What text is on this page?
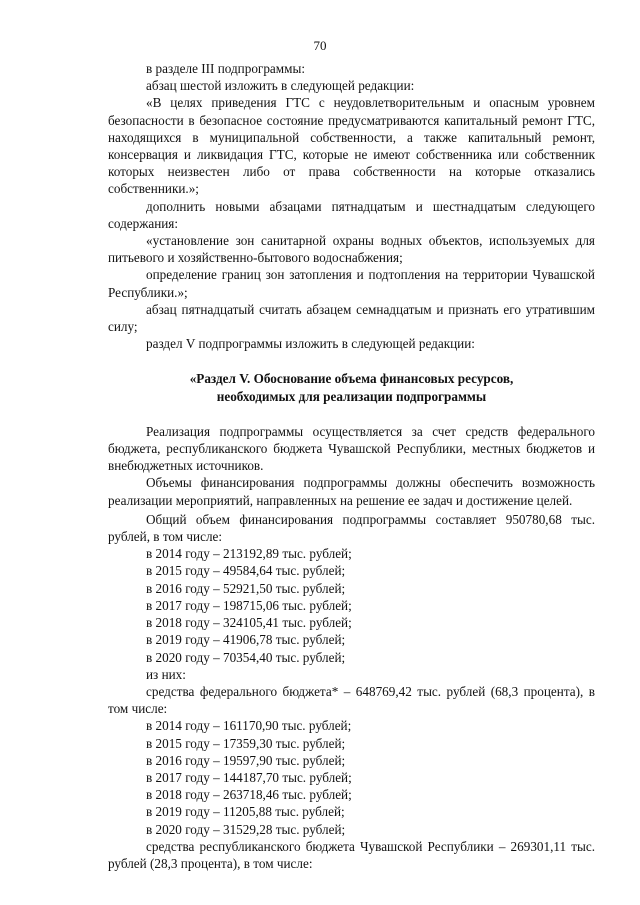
70

в разделе III подпрограммы:

абзац шестой изложить в следующей редакции:

«В целях приведения ГТС с неудовлетворительным и опасным уровнем безопасности в безопасное состояние предусматриваются капитальный ремонт ГТС, находящихся в муниципальной собственности, а также капитальный ремонт, консервация и ликвидация ГТС, которые не имеют собственника или собственник которых неизвестен либо от права собственности на которые отказались собственники.»;

дополнить новыми абзацами пятнадцатым и шестнадцатым следующего содержания:

«установление зон санитарной охраны водных объектов, используемых для питьевого и хозяйственно-бытового водоснабжения;

определение границ зон затопления и подтопления на территории Чувашской Республики.»;

абзац пятнадцатый считать абзацем семнадцатым и признать его утратившим силу;

раздел V подпрограммы изложить в следующей редакции:

«Раздел V. Обоснование объема финансовых ресурсов,
необходимых для реализации подпрограммы

Реализация подпрограммы осуществляется за счет средств федерального бюджета, республиканского бюджета Чувашской Республики, местных бюджетов и внебюджетных источников.

Объемы финансирования подпрограммы должны обеспечить возможность реализации мероприятий, направленных на решение ее задач и достижение целей.

Общий объем финансирования подпрограммы составляет 950780,68 тыс. рублей, в том числе:

в 2014 году – 213192,89 тыс. рублей;

в 2015 году – 49584,64 тыс. рублей;

в 2016 году – 52921,50 тыс. рублей;

в 2017 году – 198715,06 тыс. рублей;

в 2018 году – 324105,41 тыс. рублей;

в 2019 году – 41906,78 тыс. рублей;

в 2020 году – 70354,40 тыс. рублей;

из них:

средства федерального бюджета* – 648769,42 тыс. рублей (68,3 процента), в том числе:

в 2014 году – 161170,90 тыс. рублей;

в 2015 году – 17359,30 тыс. рублей;

в 2016 году – 19597,90 тыс. рублей;

в 2017 году – 144187,70 тыс. рублей;

в 2018 году – 263718,46 тыс. рублей;

в 2019 году – 11205,88 тыс. рублей;

в 2020 году – 31529,28 тыс. рублей;

средства республиканского бюджета Чувашской Республики – 269301,11 тыс. рублей (28,3 процента), в том числе:
